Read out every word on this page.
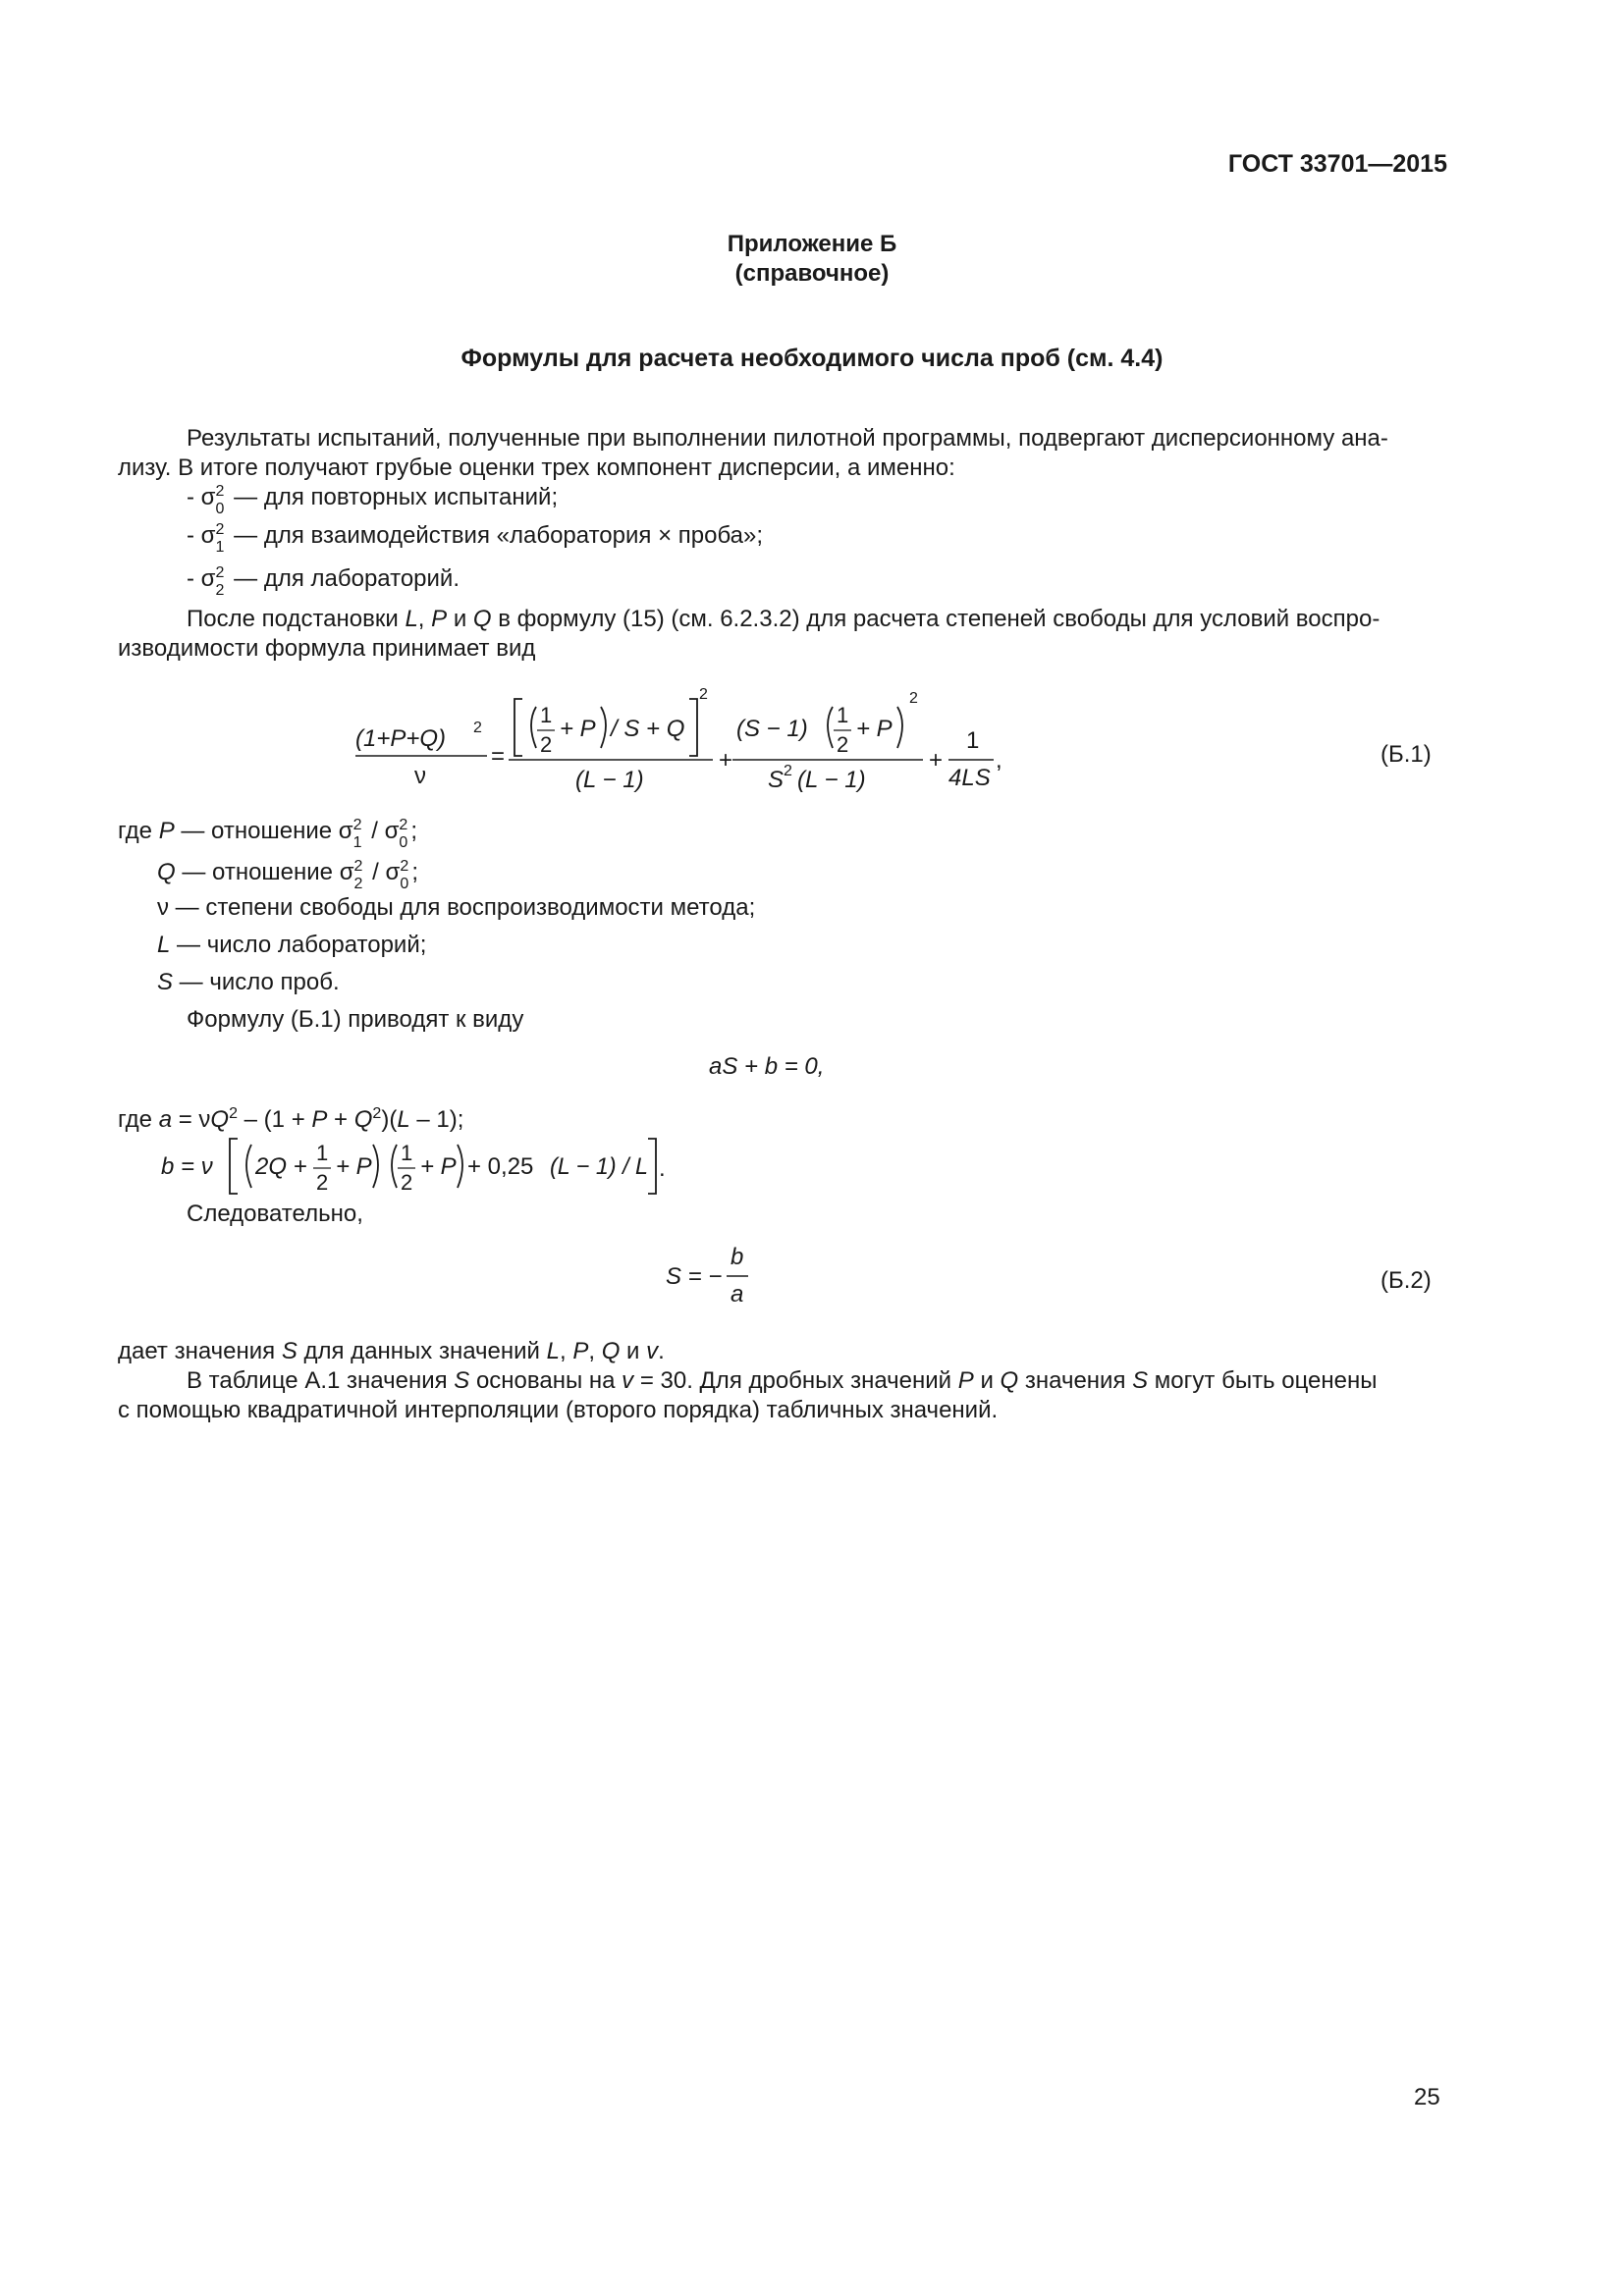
ГОСТ 33701—2015
Приложение Б
(справочное)
Формулы для расчета необходимого числа проб (см. 4.4)
Результаты испытаний, полученные при выполнении пилотной программы, подвергают дисперсионному ана-
лизу. В итоге получают грубые оценки трех компонент дисперсии, а именно:
- σ 2
0 — для повторных испытаний;
- σ 2
1 — для взаимодействия «лаборатория × проба»;
- σ 2
2 — для лабораторий.
После подстановки L, P и Q в формулу (15) (см. 6.2.3.2) для расчета степеней свободы для условий воспро-
изводимости формула принимает вид
(1+P+Q) 2
ν
=
1
2
+ P / S + Q
2
(L − 1)
+
(S − 1)
1
2
+ P
2
S 2 (L − 1)
+
1
4LS
,	(Б.1)
где P — отношение σ 2
1 / σ 2
0 ;
Q — отношение σ 2
2 / σ 2
0 ;
ν — степени свободы для воспроизводимости метода;
L — число лабораторий;
S — число проб.
Формулу (Б.1) приводят к виду
aS + b = 0,
где $a = \nu Q^2 - (1 + P + Q^2)(L - 1)$;
b = ν 2Q +
1
2
+ P
1
2
+ P + 0,25 (L − 1) / L .
Следовательно,
S = −
b
a
(Б.2)
дает значения S для данных значений L, P, Q и v.
В таблице А.1 значения S основаны на v = 30. Для дробных значений P и Q значения S могут быть оценены
с помощью квадратичной интерполяции (второго порядка) табличных значений.
25
